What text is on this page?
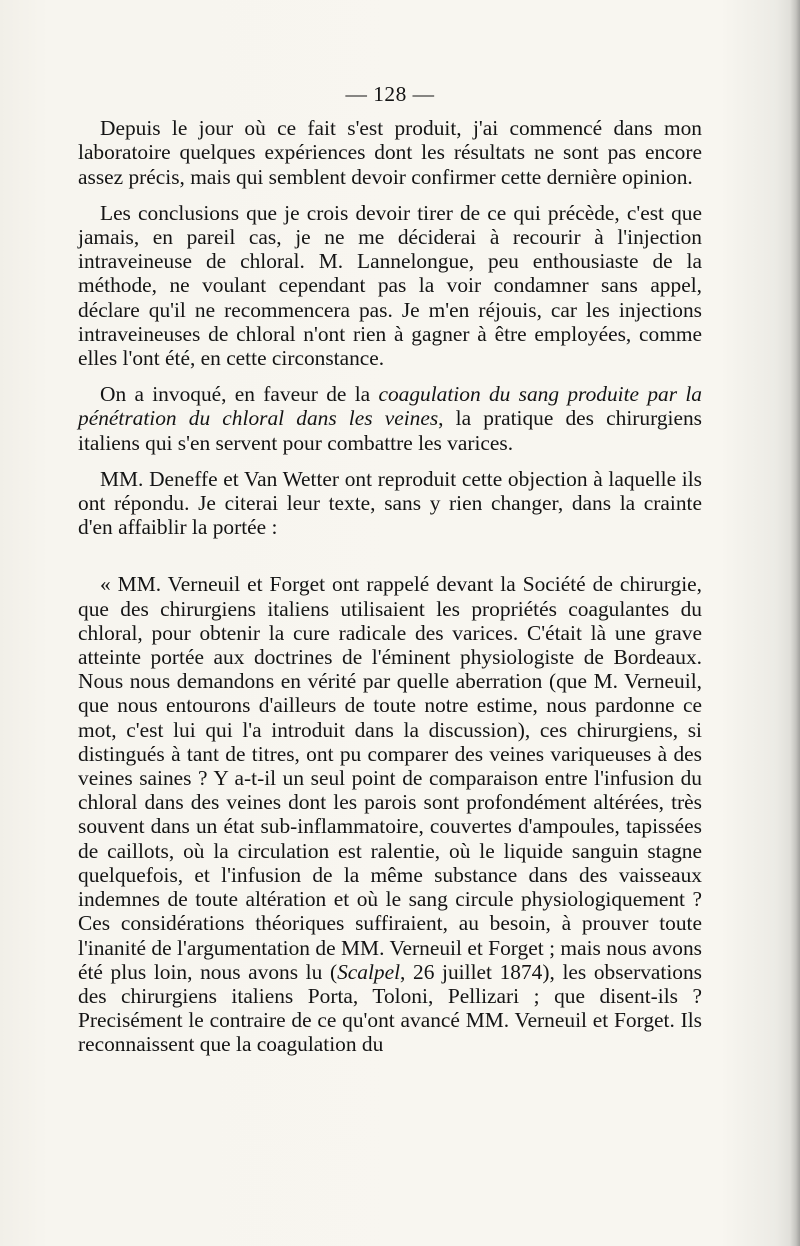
— 128 —

Depuis le jour où ce fait s'est produit, j'ai commencé dans mon laboratoire quelques expériences dont les résultats ne sont pas encore assez précis, mais qui semblent devoir confirmer cette dernière opinion.

Les conclusions que je crois devoir tirer de ce qui précède, c'est que jamais, en pareil cas, je ne me déciderai à recourir à l'injection intraveineuse de chloral. M. Lannelongue, peu enthousiaste de la méthode, ne voulant cependant pas la voir condamner sans appel, déclare qu'il ne recommencera pas. Je m'en réjouis, car les injections intraveineuses de chloral n'ont rien à gagner à être employées, comme elles l'ont été, en cette circonstance.

On a invoqué, en faveur de la coagulation du sang produite par la pénétration du chloral dans les veines, la pratique des chirurgiens italiens qui s'en servent pour combattre les varices.

MM. Deneffe et Van Wetter ont reproduit cette objection à laquelle ils ont répondu. Je citerai leur texte, sans y rien changer, dans la crainte d'en affaiblir la portée :

« MM. Verneuil et Forget ont rappelé devant la Société de chirurgie, que des chirurgiens italiens utilisaient les propriétés coagulantes du chloral, pour obtenir la cure radicale des varices. C'était là une grave atteinte portée aux doctrines de l'éminent physiologiste de Bordeaux. Nous nous demandons en vérité par quelle aberration (que M. Verneuil, que nous entourons d'ailleurs de toute notre estime, nous pardonne ce mot, c'est lui qui l'a introduit dans la discussion), ces chirurgiens, si distingués à tant de titres, ont pu comparer des veines variqueuses à des veines saines ? Y a-t-il un seul point de comparaison entre l'infusion du chloral dans des veines dont les parois sont profondément altérées, très souvent dans un état sub-inflammatoire, couvertes d'ampoules, tapissées de caillots, où la circulation est ralentie, où le liquide sanguin stagne quelquefois, et l'infusion de la même substance dans des vaisseaux indemnes de toute altération et où le sang circule physiologiquement ? Ces considérations théoriques suffiraient, au besoin, à prouver toute l'inanité de l'argumentation de MM. Verneuil et Forget ; mais nous avons été plus loin, nous avons lu (Scalpel, 26 juillet 1874), les observations des chirurgiens italiens Porta, Toloni, Pellizari ; que disent-ils ? Precisément le contraire de ce qu'ont avancé MM. Verneuil et Forget. Ils reconnaissent que la coagulation du
